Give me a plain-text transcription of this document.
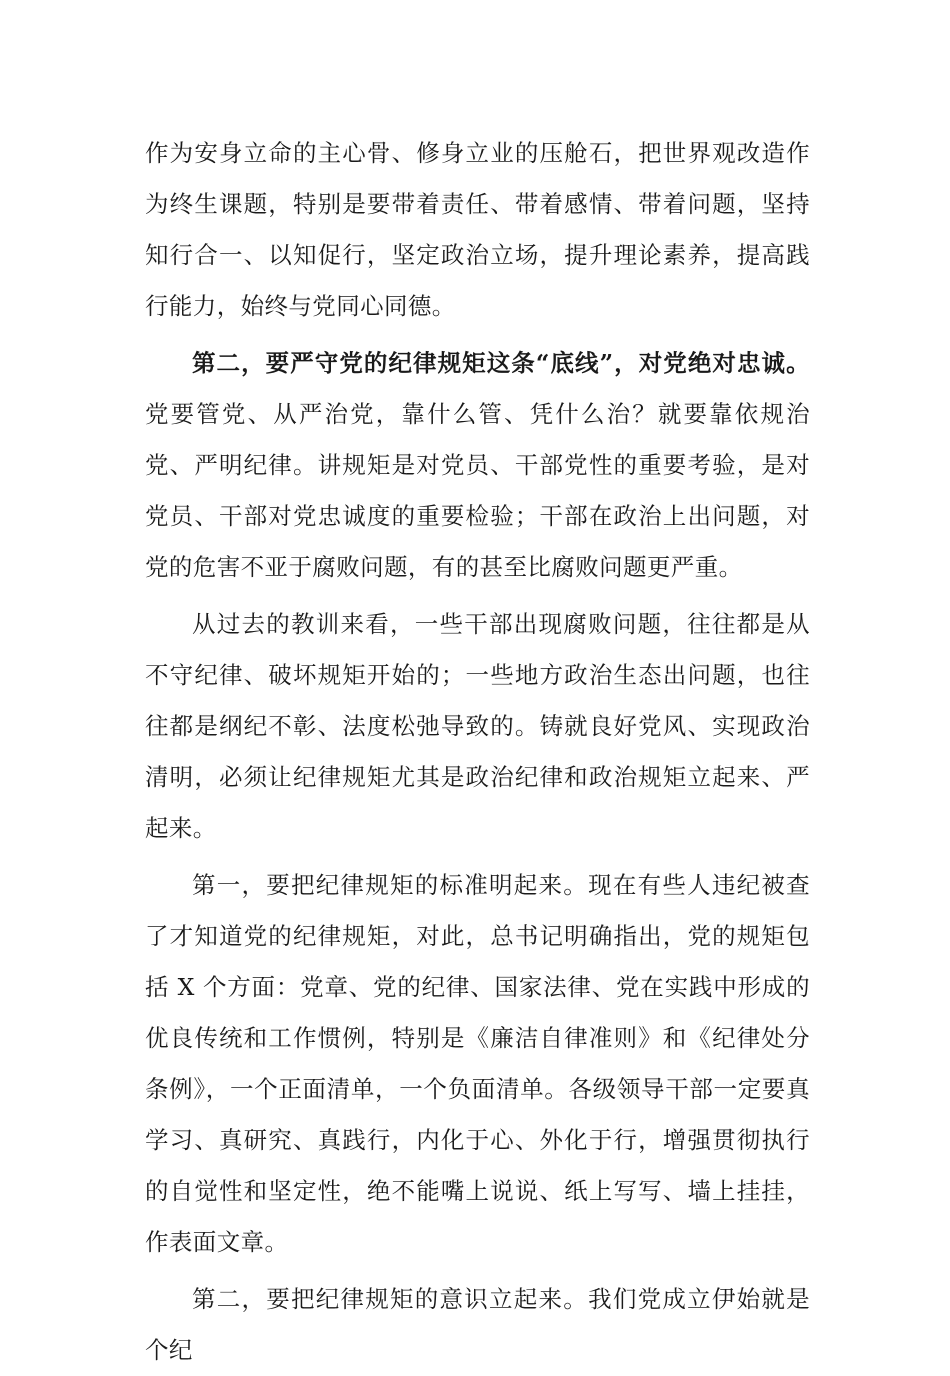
作为安身立命的主心骨、修身立业的压舱石，把世界观改造作为终生课题，特别是要带着责任、带着感情、带着问题，坚持知行合一、以知促行，坚定政治立场，提升理论素养，提高践行能力，始终与党同心同德。

第二，要严守党的纪律规矩这条“底线”，对党绝对忠诚。党要管党、从严治党，靠什么管、凭什么治？就要靠依规治党、严明纪律。讲规矩是对党员、干部党性的重要考验，是对党员、干部对党忠诚度的重要检验；干部在政治上出问题，对党的危害不亚于腐败问题，有的甚至比腐败问题更严重。

从过去的教训来看，一些干部出现腐败问题，往往都是从不守纪律、破坏规矩开始的；一些地方政治生态出问题，也往往都是纲纪不彰、法度松弛导致的。铸就良好党风、实现政治清明，必须让纪律规矩尤其是政治纪律和政治规矩立起来、严起来。

第一，要把纪律规矩的标准明起来。现在有些人违纪被查了才知道党的纪律规矩，对此，总书记明确指出，党的规矩包括 X 个方面：党章、党的纪律、国家法律、党在实践中形成的优良传统和工作惯例，特别是《廉洁自律准则》和《纪律处分条例》，一个正面清单，一个负面清单。各级领导干部一定要真学习、真研究、真践行，内化于心、外化于行，增强贯彻执行的自觉性和坚定性，绝不能嘴上说说、纸上写写、墙上挂挂，作表面文章。

第二，要把纪律规矩的意识立起来。我们党成立伊始就是个纪
